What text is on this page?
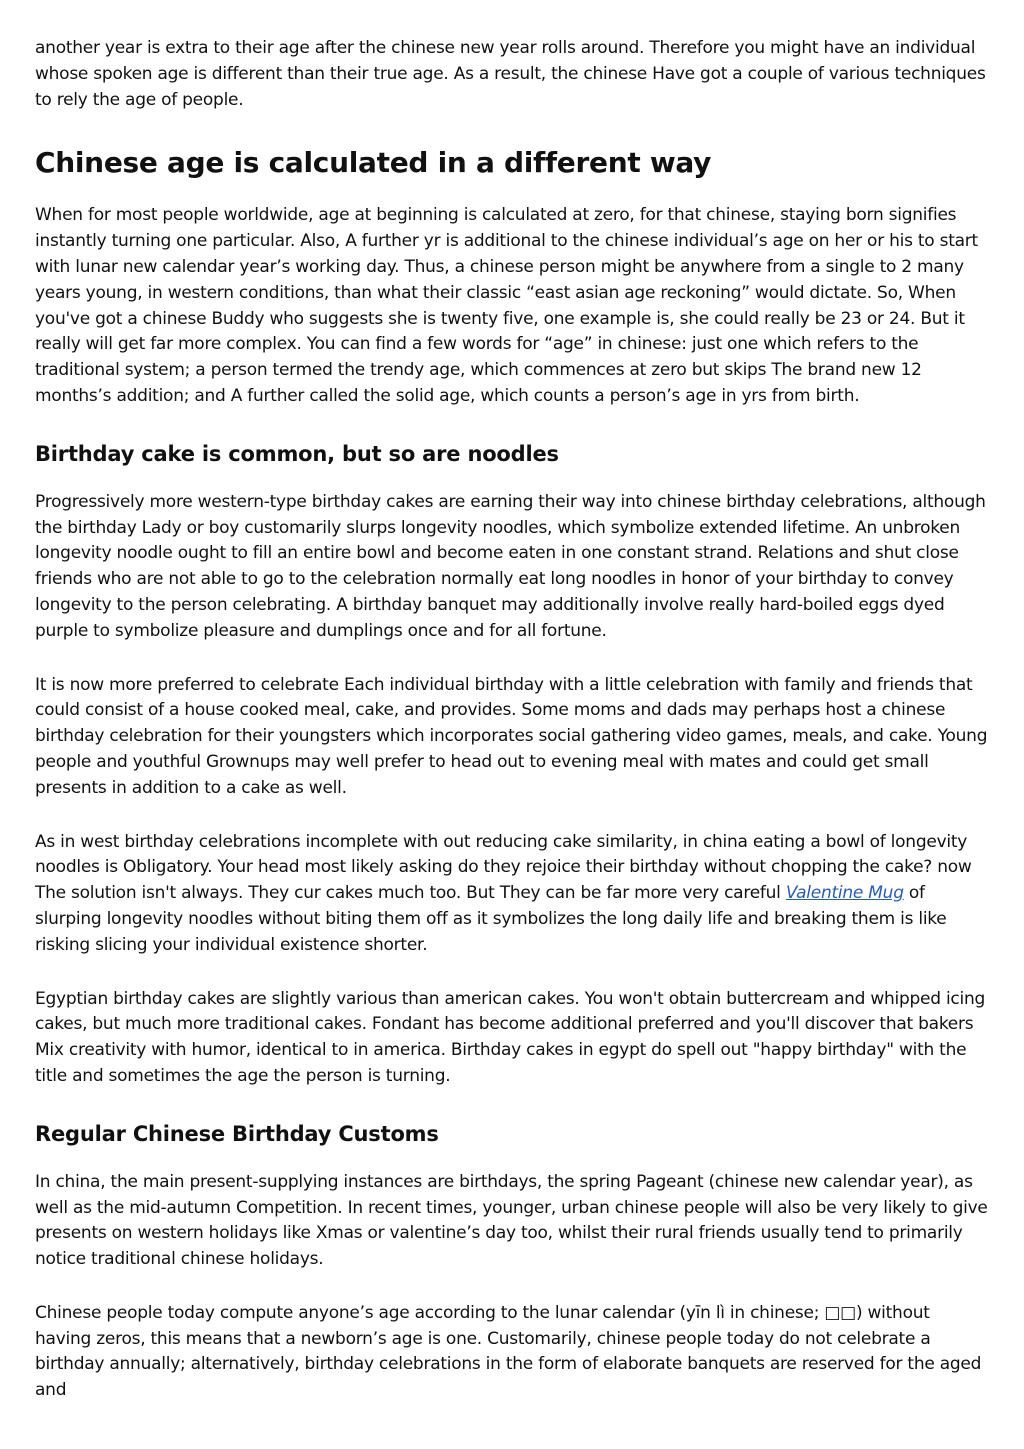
another year is extra to their age after the chinese new year rolls around. Therefore you might have an individual whose spoken age is different than their true age. As a result, the chinese Have got a couple of various techniques to rely the age of people.

Chinese age is calculated in a different way

When for most people worldwide, age at beginning is calculated at zero, for that chinese, staying born signifies instantly turning one particular. Also, A further yr is additional to the chinese individual’s age on her or his to start with lunar new calendar year’s working day. Thus, a chinese person might be anywhere from a single to 2 many years young, in western conditions, than what their classic “east asian age reckoning” would dictate. So, When you've got a chinese Buddy who suggests she is twenty five, one example is, she could really be 23 or 24. But it really will get far more complex. You can find a few words for “age” in chinese: just one which refers to the traditional system; a person termed the trendy age, which commences at zero but skips The brand new 12 months’s addition; and A further called the solid age, which counts a person’s age in yrs from birth.

Birthday cake is common, but so are noodles

Progressively more western-type birthday cakes are earning their way into chinese birthday celebrations, although the birthday Lady or boy customarily slurps longevity noodles, which symbolize extended lifetime. An unbroken longevity noodle ought to fill an entire bowl and become eaten in one constant strand. Relations and shut close friends who are not able to go to the celebration normally eat long noodles in honor of your birthday to convey longevity to the person celebrating. A birthday banquet may additionally involve really hard-boiled eggs dyed purple to symbolize pleasure and dumplings once and for all fortune.

It is now more preferred to celebrate Each individual birthday with a little celebration with family and friends that could consist of a house cooked meal, cake, and provides. Some moms and dads may perhaps host a chinese birthday celebration for their youngsters which incorporates social gathering video games, meals, and cake. Young people and youthful Grownups may well prefer to head out to evening meal with mates and could get small presents in addition to a cake as well.

As in west birthday celebrations incomplete with out reducing cake similarity, in china eating a bowl of longevity noodles is Obligatory. Your head most likely asking do they rejoice their birthday without chopping the cake? now The solution isn't always. They cur cakes much too. But They can be far more very careful Valentine Mug of slurping longevity noodles without biting them off as it symbolizes the long daily life and breaking them is like risking slicing your individual existence shorter.

Egyptian birthday cakes are slightly various than american cakes. You won't obtain buttercream and whipped icing cakes, but much more traditional cakes. Fondant has become additional preferred and you'll discover that bakers Mix creativity with humor, identical to in america. Birthday cakes in egypt do spell out "happy birthday" with the title and sometimes the age the person is turning.

Regular Chinese Birthday Customs

In china, the main present-supplying instances are birthdays, the spring Pageant (chinese new calendar year), as well as the mid-autumn Competition. In recent times, younger, urban chinese people will also be very likely to give presents on western holidays like Xmas or valentine’s day too, whilst their rural friends usually tend to primarily notice traditional chinese holidays.

Chinese people today compute anyone’s age according to the lunar calendar (yīn lì in chinese; □□) without having zeros, this means that a newborn’s age is one. Customarily, chinese people today do not celebrate a birthday annually; alternatively, birthday celebrations in the form of elaborate banquets are reserved for the aged and
